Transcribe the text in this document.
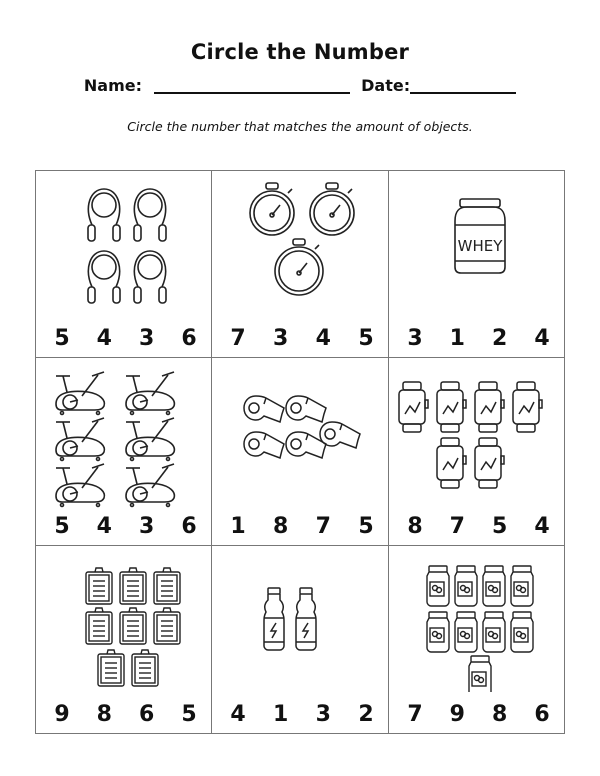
Circle the Number
Name:	Date:
Circle the number that matches the amount of objects.
5 4 3 6 7 3 4 5
WHEY
3 1 2 4
5 4 3 6 1 8 7 5 8 7 5 4
9 8 6 5 4 1 3 2 7 9 8 6
